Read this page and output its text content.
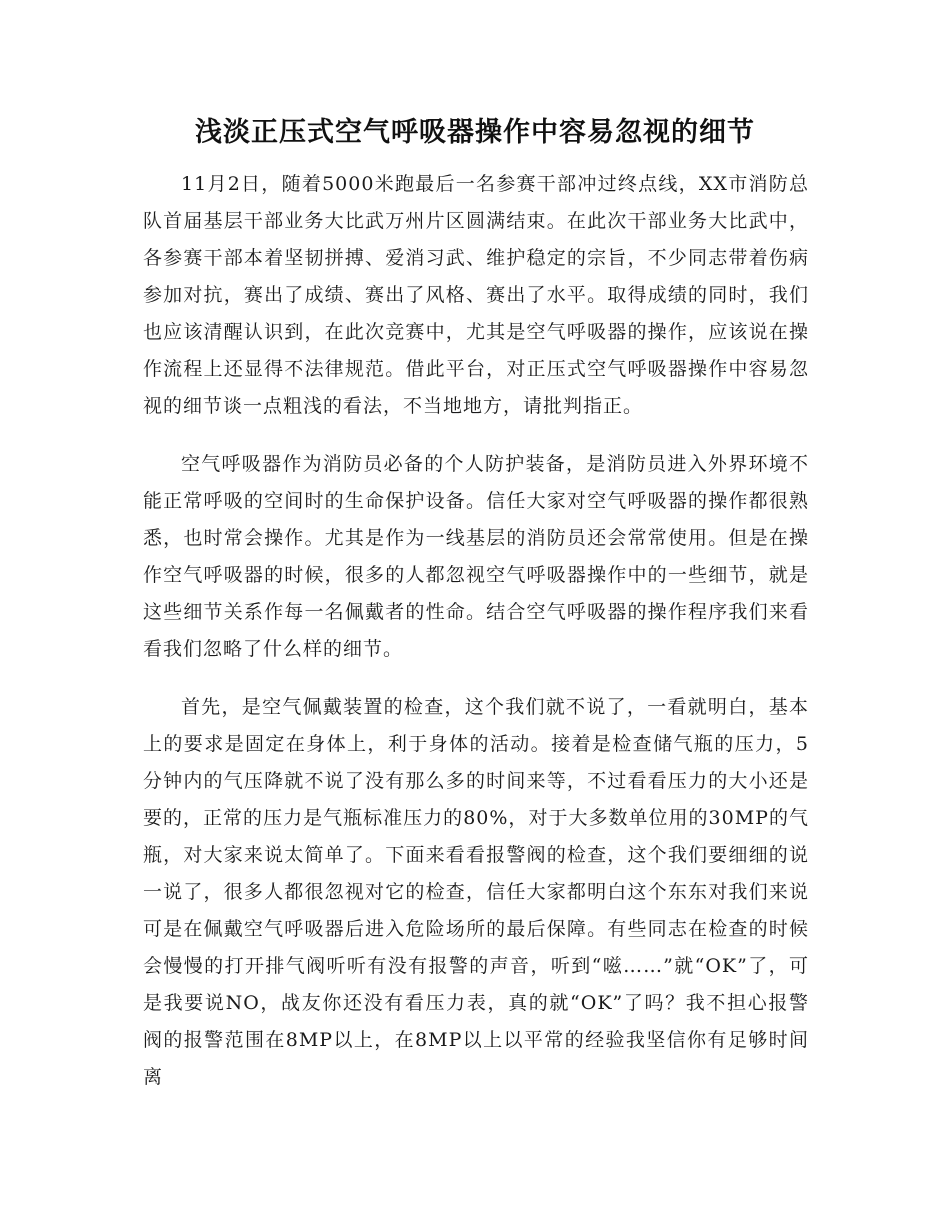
浅淡正压式空气呼吸器操作中容易忽视的细节

11月2日，随着5000米跑最后一名参赛干部冲过终点线，XX市消防总队首届基层干部业务大比武万州片区圆满结束。在此次干部业务大比武中，各参赛干部本着坚韧拼搏、爱消习武、维护稳定的宗旨，不少同志带着伤病参加对抗，赛出了成绩、赛出了风格、赛出了水平。取得成绩的同时，我们也应该清醒认识到，在此次竞赛中，尤其是空气呼吸器的操作，应该说在操作流程上还显得不法律规范。借此平台，对正压式空气呼吸器操作中容易忽视的细节谈一点粗浅的看法，不当地地方，请批判指正。

空气呼吸器作为消防员必备的个人防护装备，是消防员进入外界环境不能正常呼吸的空间时的生命保护设备。信任大家对空气呼吸器的操作都很熟悉，也时常会操作。尤其是作为一线基层的消防员还会常常使用。但是在操作空气呼吸器的时候，很多的人都忽视空气呼吸器操作中的一些细节，就是这些细节关系作每一名佩戴者的性命。结合空气呼吸器的操作程序我们来看看我们忽略了什么样的细节。

首先，是空气佩戴装置的检查，这个我们就不说了，一看就明白，基本上的要求是固定在身体上，利于身体的活动。接着是检查储气瓶的压力，5分钟内的气压降就不说了没有那么多的时间来等，不过看看压力的大小还是要的，正常的压力是气瓶标准压力的80%，对于大多数单位用的30MP的气瓶，对大家来说太简单了。下面来看看报警阀的检查，这个我们要细细的说一说了，很多人都很忽视对它的检查，信任大家都明白这个东东对我们来说可是在佩戴空气呼吸器后进入危险场所的最后保障。有些同志在检查的时候会慢慢的打开排气阀听听有没有报警的声音，听到“嗞……”就“OK”了，可是我要说NO，战友你还没有看压力表，真的就“OK”了吗？我不担心报警阀的报警范围在8MP以上，在8MP以上以平常的经验我坚信你有足够时间离
